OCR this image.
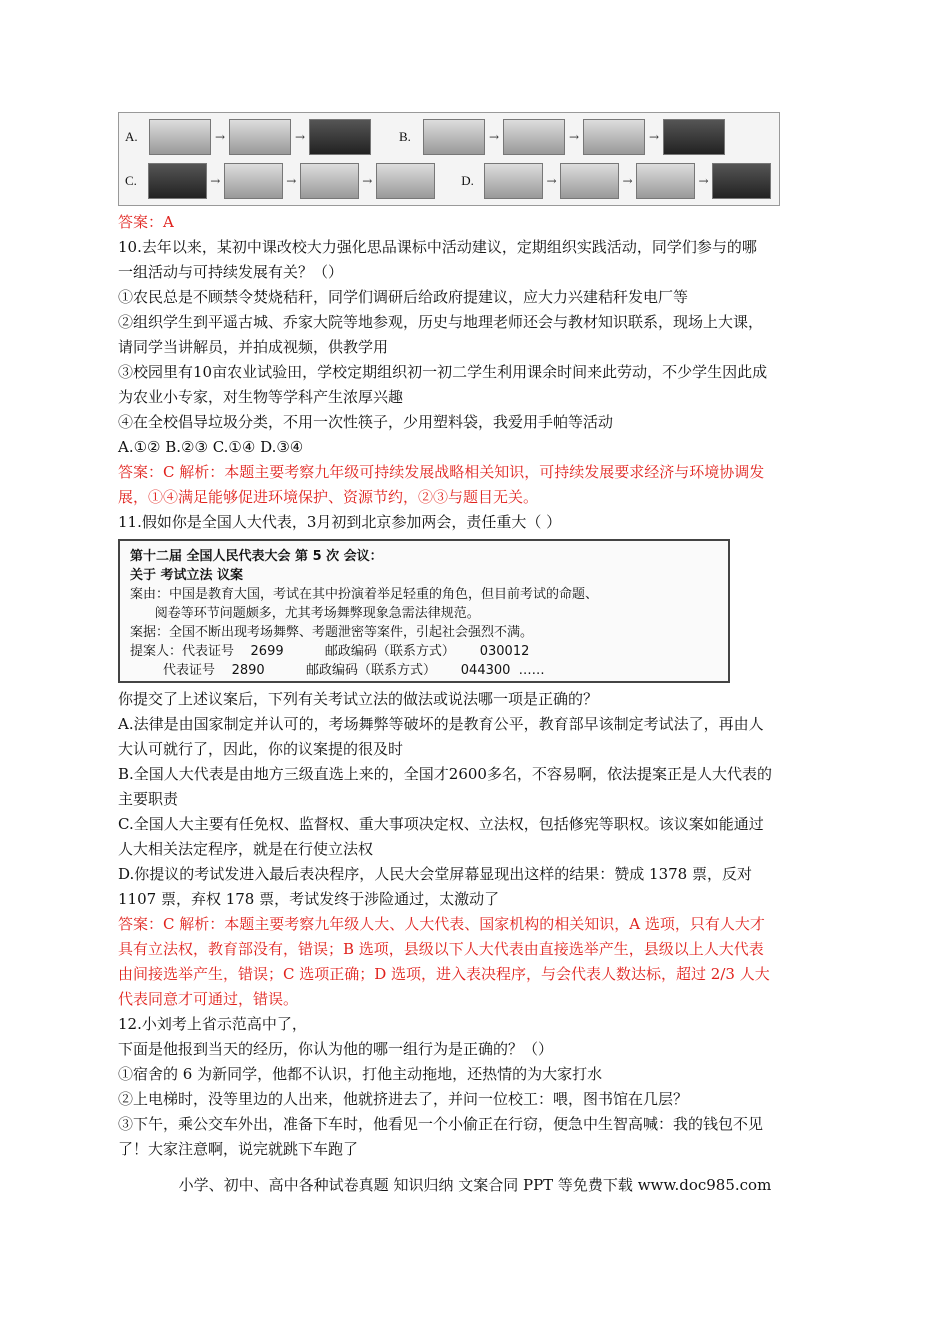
A.	→	→	B.	→	→	→
C.	→	→	→	D.	→	→	→

答案：A

10.去年以来，某初中课改校大力强化思品课标中活动建议，定期组织实践活动，同学们参与的哪

一组活动与可持续发展有关？（）

①农民总是不顾禁令焚烧秸秆，同学们调研后给政府提建议，应大力兴建秸秆发电厂等

②组织学生到平遥古城、乔家大院等地参观，历史与地理老师还会与教材知识联系，现场上大课，

请同学当讲解员，并拍成视频，供教学用

③校园里有10亩农业试验田，学校定期组织初一初二学生利用课余时间来此劳动，不少学生因此成

为农业小专家，对生物等学科产生浓厚兴趣

④在全校倡导垃圾分类，不用一次性筷子，少用塑料袋，我爱用手帕等活动

A.①② B.②③ C.①④ D.③④

答案：C 解析：本题主要考察九年级可持续发展战略相关知识，可持续发展要求经济与环境协调发

展，①④满足能够促进环境保护、资源节约，②③与题目无关。

11.假如你是全国人大代表，3月初到北京参加两会，责任重大（ ）

第十二届 全国人民代表大会 第 5 次 会议：

关于 考试立法 议案

案由：中国是教育大国，考试在其中扮演着举足轻重的角色，但目前考试的命题、

阅卷等环节问题颇多，尤其考场舞弊现象急需法律规范。

案据：全国不断出现考场舞弊、考题泄密等案件，引起社会强烈不满。

提案人：代表证号    2699          邮政编码（联系方式）      030012

代表证号    2890          邮政编码（联系方式）      044300  ……

你提交了上述议案后，下列有关考试立法的做法或说法哪一项是正确的？

A.法律是由国家制定并认可的，考场舞弊等破坏的是教育公平，教育部早该制定考试法了，再由人

大认可就行了，因此，你的议案提的很及时

B.全国人大代表是由地方三级直选上来的，全国才2600多名，不容易啊，依法提案正是人大代表的

主要职责

C.全国人大主要有任免权、监督权、重大事项决定权、立法权，包括修宪等职权。该议案如能通过

人大相关法定程序，就是在行使立法权

D.你提议的考试发进入最后表决程序，人民大会堂屏幕显现出这样的结果：赞成 1378 票，反对

1107 票，弃权 178 票，考试发终于涉险通过，太激动了

答案：C 解析：本题主要考察九年级人大、人大代表、国家机构的相关知识，A 选项，只有人大才

具有立法权，教育部没有，错误；B 选项，县级以下人大代表由直接选举产生，县级以上人大代表

由间接选举产生，错误；C 选项正确；D 选项，进入表决程序，与会代表人数达标，超过 2/3 人大

代表同意才可通过，错误。

12.小刘考上省示范高中了，

下面是他报到当天的经历，你认为他的哪一组行为是正确的？（）

①宿舍的 6 为新同学，他都不认识，打他主动拖地，还热情的为大家打水

②上电梯时，没等里边的人出来，他就挤进去了，并问一位校工：喂，图书馆在几层？

③下午，乘公交车外出，准备下车时，他看见一个小偷正在行窃，便急中生智高喊：我的钱包不见

了！大家注意啊，说完就跳下车跑了

小学、初中、高中各种试卷真题 知识归纳 文案合同 PPT 等免费下载 www.doc985.com
